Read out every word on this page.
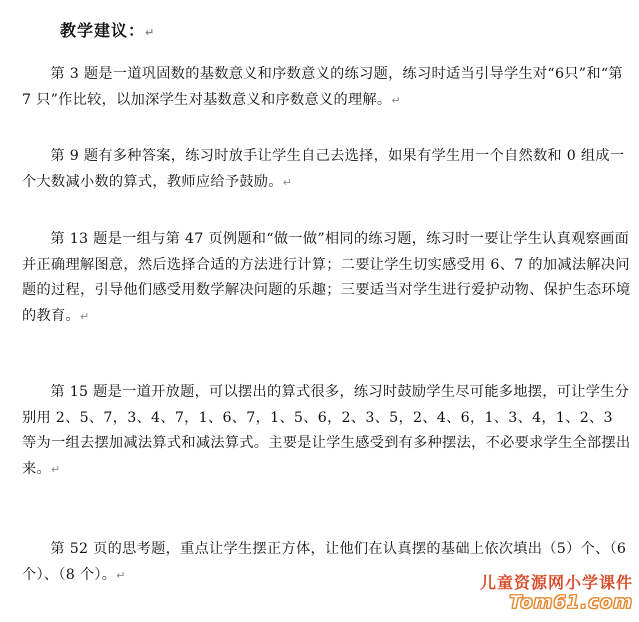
教学建议：↵

第 3 题是一道巩固数的基数意义和序数意义的练习题，练习时适当引导学生对“6只”和“第 7 只”作比较，以加深学生对基数意义和序数意义的理解。↵

第 9 题有多种答案，练习时放手让学生自己去选择，如果有学生用一个自然数和 0 组成一个大数减小数的算式，教师应给予鼓励。↵

第 13 题是一组与第 47 页例题和“做一做”相同的练习题，练习时一要让学生认真观察画面并正确理解图意，然后选择合适的方法进行计算；二要让学生切实感受用 6、7 的加减法解决问题的过程，引导他们感受用数学解决问题的乐趣；三要适当对学生进行爱护动物、保护生态环境的教育。↵

第 15 题是一道开放题，可以摆出的算式很多，练习时鼓励学生尽可能多地摆，可让学生分别用 2、5、7，3、4、7，1、6、7，1、5、6，2、3、5，2、4、6，1、3、4，1、2、3 等为一组去摆加减法算式和减法算式。主要是让学生感受到有多种摆法，不必要求学生全部摆出来。↵

第 52 页的思考题，重点让学生摆正方体，让他们在认真摆的基础上依次填出（5）个、（6 个）、（8 个）。↵	儿童资源网小学课件
Tom61.com
